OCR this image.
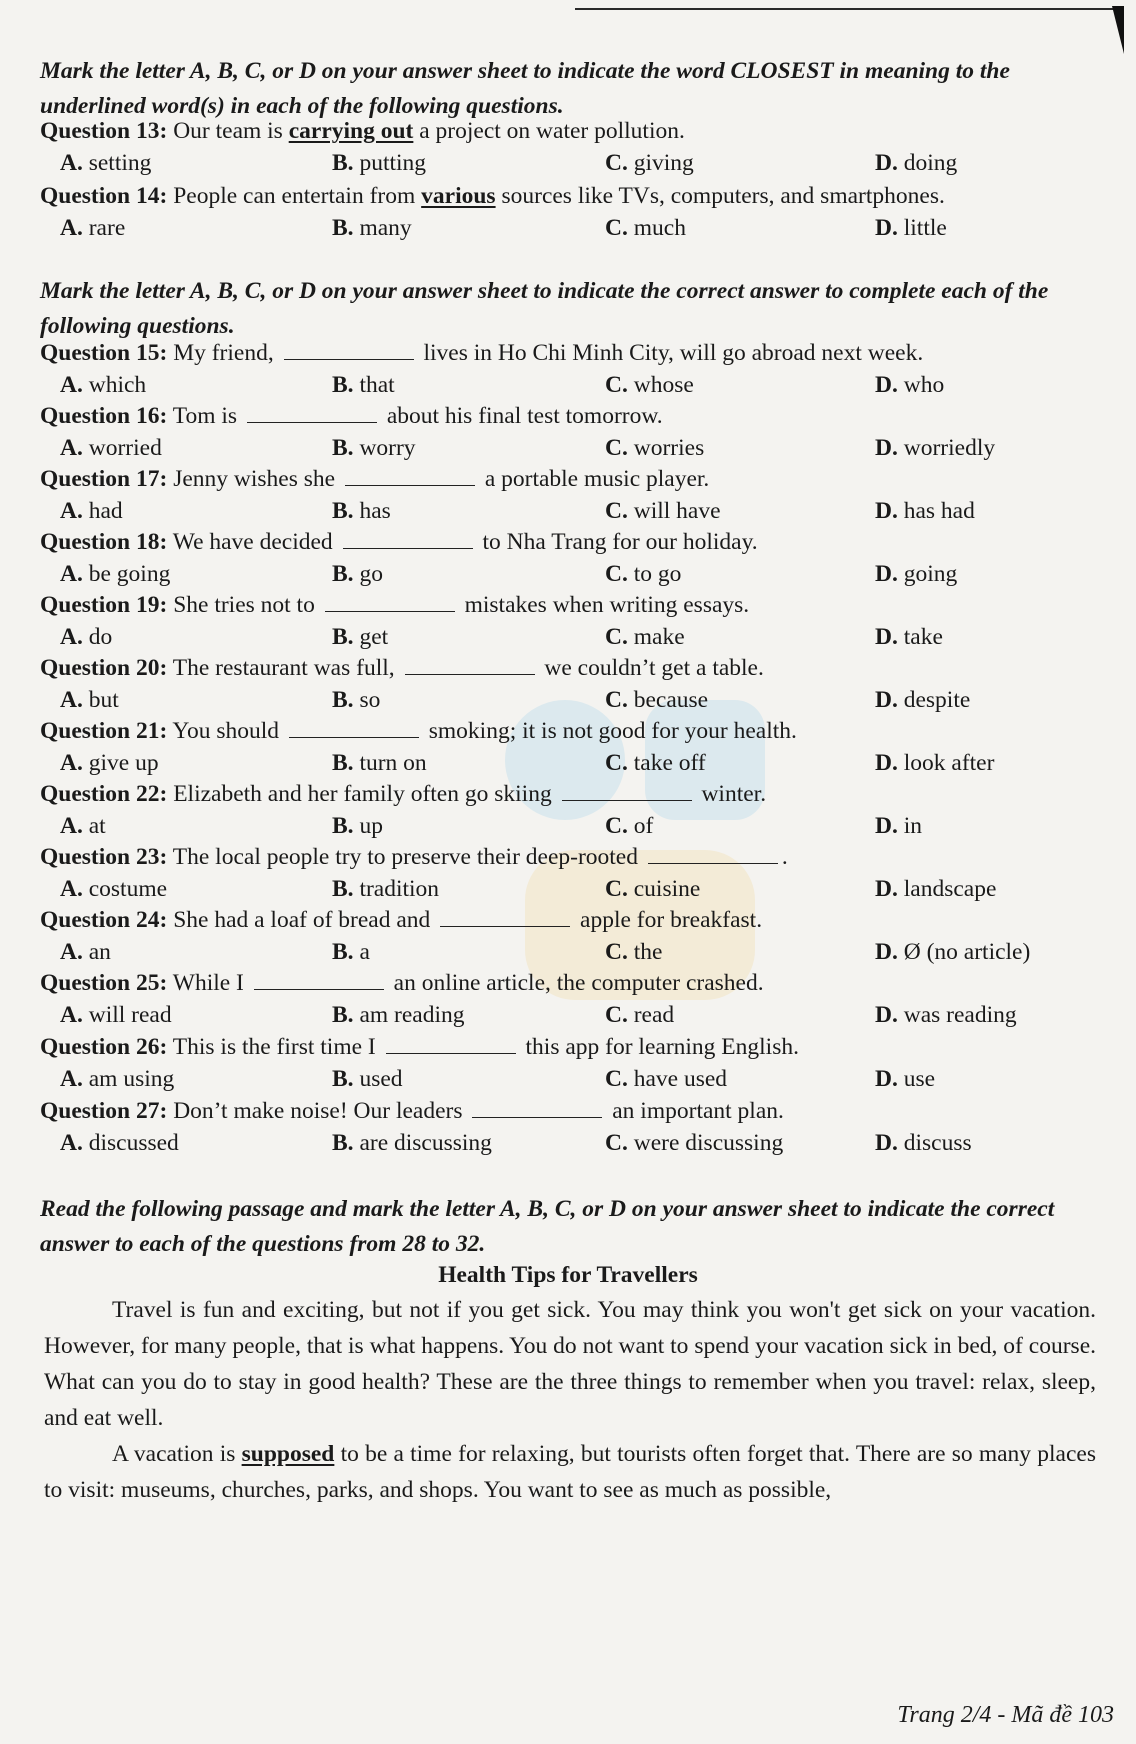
Mark the letter A, B, C, or D on your answer sheet to indicate the word CLOSEST in meaning to the underlined word(s) in each of the following questions.
Question 13: Our team is carrying out a project on water pollution.
A. setting	B. putting	C. giving	D. doing
Question 14: People can entertain from various sources like TVs, computers, and smartphones.
A. rare	B. many	C. much	D. little
Mark the letter A, B, C, or D on your answer sheet to indicate the correct answer to complete each of the following questions.
Question 15: My friend,	lives in Ho Chi Minh City, will go abroad next week.
A. which	B. that	C. whose	D. who
Question 16: Tom is	about his final test tomorrow.
A. worried	B. worry	C. worries	D. worriedly
Question 17: Jenny wishes she	a portable music player.
A. had	B. has	C. will have	D. has had
Question 18: We have decided	to Nha Trang for our holiday.
A. be going	B. go	C. to go	D. going
Question 19: She tries not to	mistakes when writing essays.
A. do	B. get	C. make	D. take
Question 20: The restaurant was full,	we couldn’t get a table.
A. but	B. so	C. because	D. despite
Question 21: You should	smoking; it is not good for your health.
A. give up	B. turn on	C. take off	D. look after
Question 22: Elizabeth and her family often go skiing	winter.
A. at	B. up	C. of	D. in
Question 23: The local people try to preserve their deep-rooted	.
A. costume	B. tradition	C. cuisine	D. landscape
Question 24: She had a loaf of bread and	apple for breakfast.
A. an	B. a	C. the	D. Ø (no article)
Question 25: While I	an online article, the computer crashed.
A. will read	B. am reading	C. read	D. was reading
Question 26: This is the first time I	this app for learning English.
A. am using	B. used	C. have used	D. use
Question 27: Don’t make noise! Our leaders	an important plan.
A. discussed	B. are discussing	C. were discussing	D. discuss
Read the following passage and mark the letter A, B, C, or D on your answer sheet to indicate the correct answer to each of the questions from 28 to 32.
Health Tips for Travellers
Travel is fun and exciting, but not if you get sick. You may think you won't get sick on your vacation. However, for many people, that is what happens. You do not want to spend your vacation sick in bed, of course. What can you do to stay in good health? These are the three things to remember when you travel: relax, sleep, and eat well.
A vacation is supposed to be a time for relaxing, but tourists often forget that. There are so many places to visit: museums, churches, parks, and shops. You want to see as much as possible,
Trang 2/4 - Mã đề 103
